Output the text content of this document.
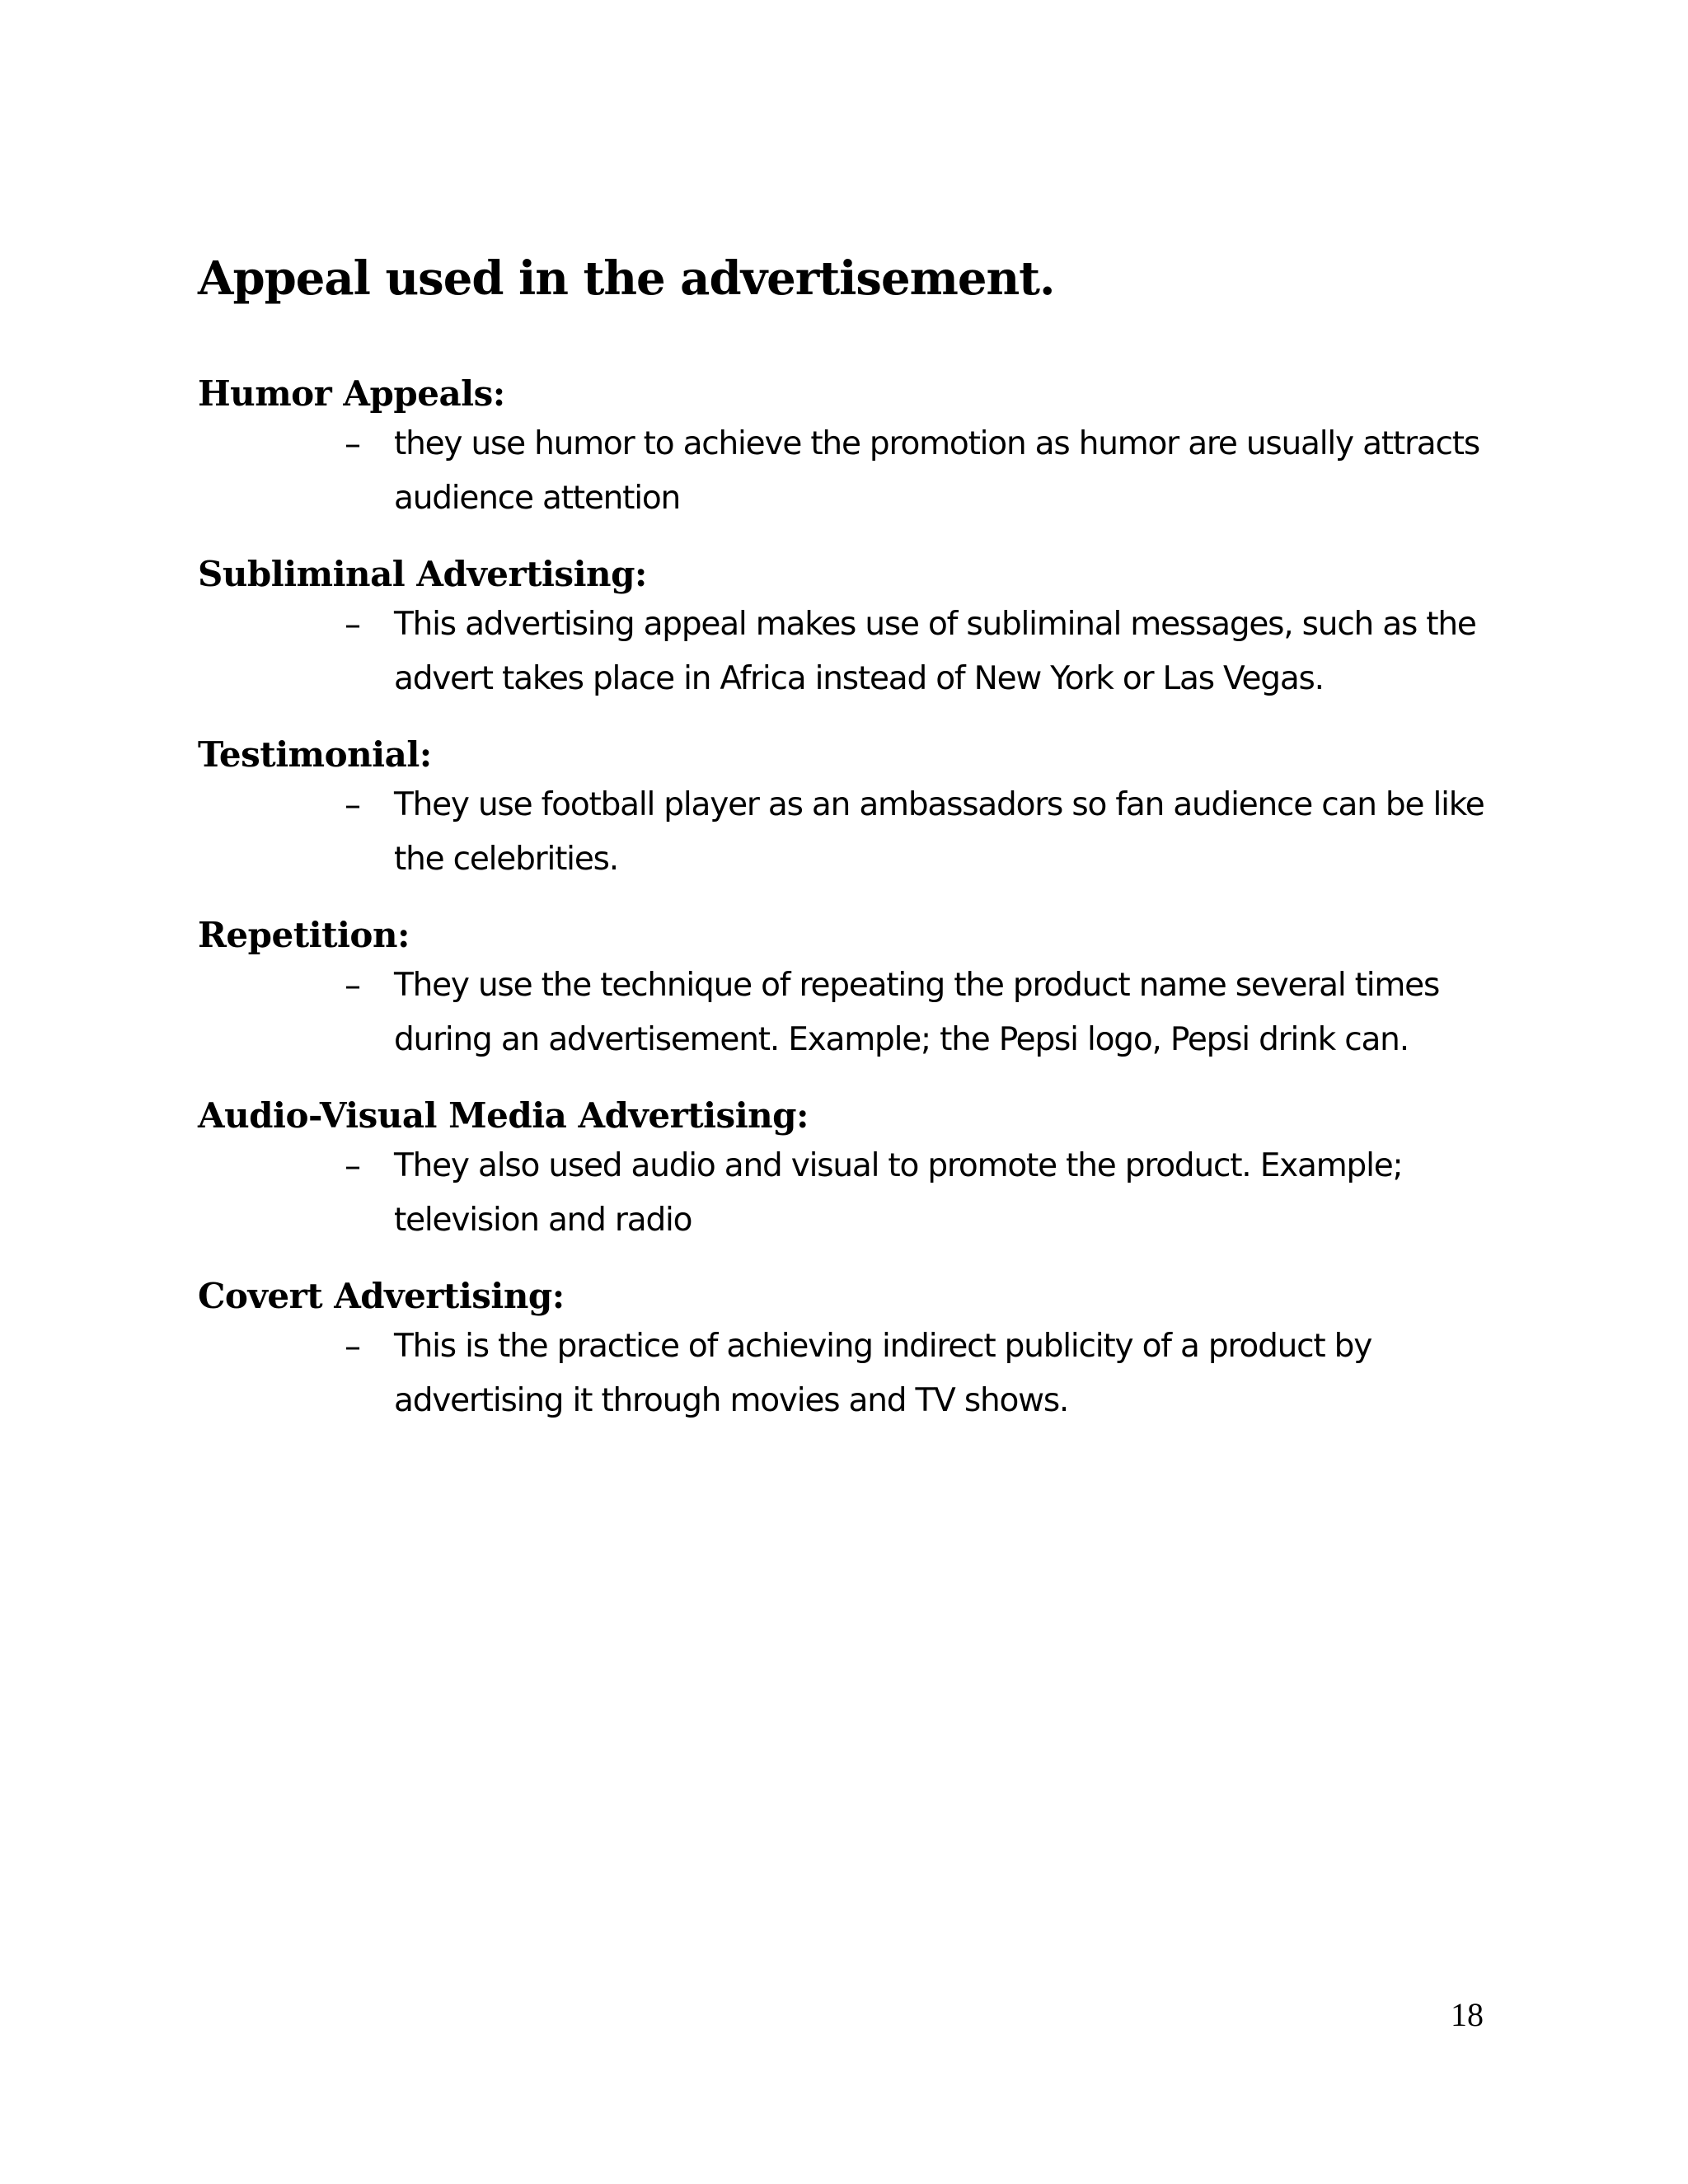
Appeal used in the advertisement.
Humor Appeals:
– they use humor to achieve the promotion as humor are usually attracts audience attention

Subliminal Advertising:
– This advertising appeal makes use of subliminal messages, such as the advert takes place in Africa instead of New York or Las Vegas.

Testimonial:
– They use football player as an ambassadors so fan audience can be like the celebrities.

Repetition:
– They use the technique of repeating the product name several times during an advertisement. Example; the Pepsi logo, Pepsi drink can.

Audio-Visual Media Advertising:
– They also used audio and visual to promote the product. Example; television and radio

Covert Advertising:
– This is the practice of achieving indirect publicity of a product by advertising it through movies and TV shows.

18
